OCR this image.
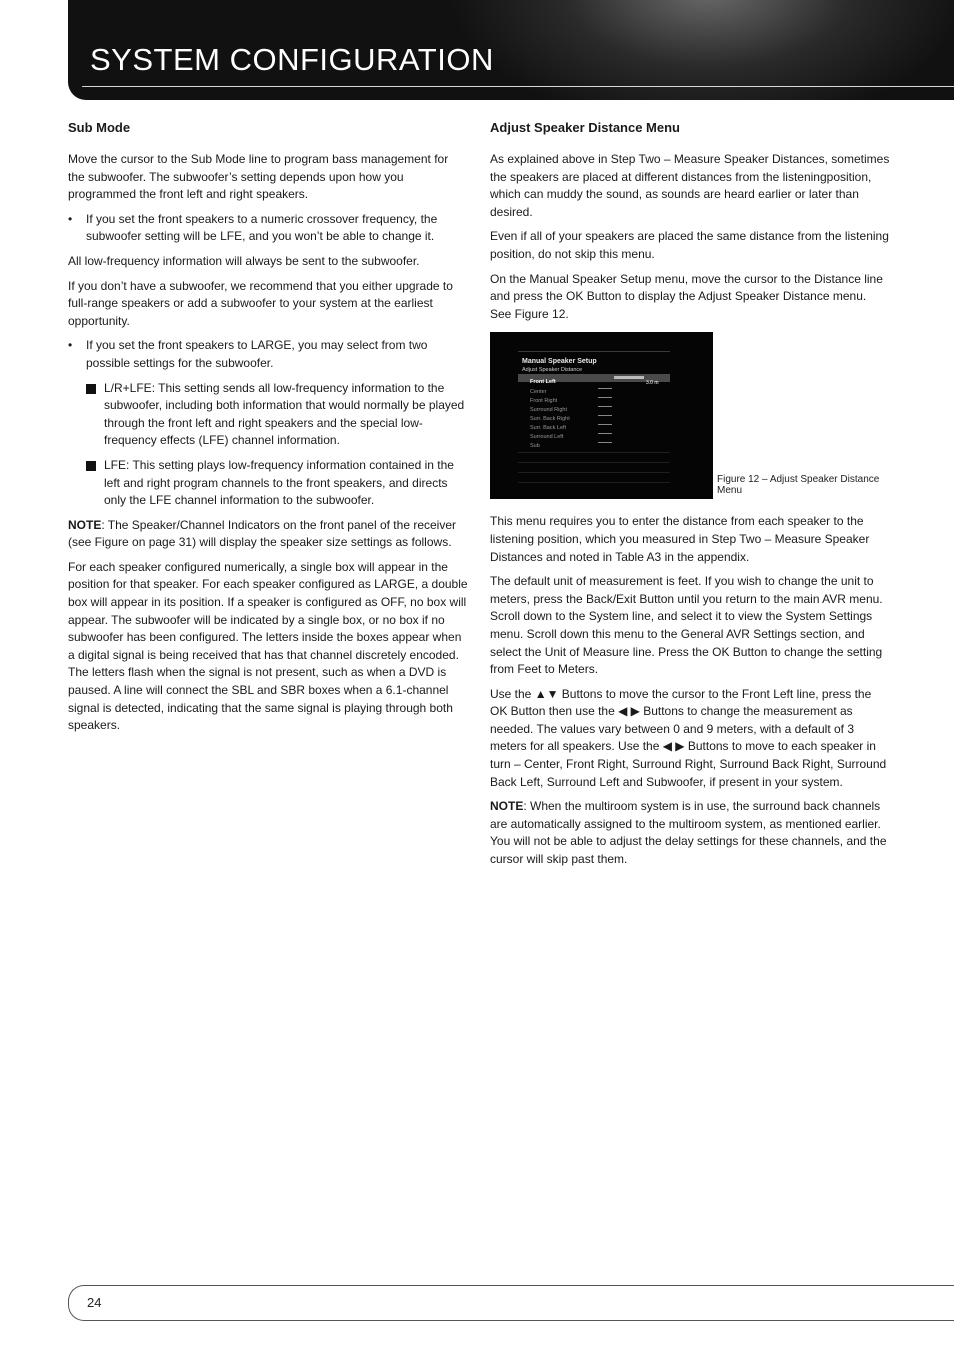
SYSTEM CONFIGURATION
Sub Mode

Move the cursor to the Sub Mode line to program bass management for the subwoofer. The subwoofer’s setting depends upon how you programmed the front left and right speakers.

• If you set the front speakers to a numeric crossover frequency, the subwoofer setting will be LFE, and you won’t be able to change it.

All low-frequency information will always be sent to the subwoofer.

If you don’t have a subwoofer, we recommend that you either upgrade to full-range speakers or add a subwoofer to your system at the earliest opportunity.

• If you set the front speakers to LARGE, you may select from two possible settings for the subwoofer.
L/R+LFE: This setting sends all low-frequency information to the subwoofer, including both information that would normally be played through the front left and right speakers and the special low-frequency effects (LFE) channel information.
LFE: This setting plays low-frequency information contained in the left and right program channels to the front speakers, and directs only the LFE channel information to the subwoofer.

NOTE: The Speaker/Channel Indicators on the front panel of the receiver (see Figure on page 31) will display the speaker size settings as follows.

For each speaker configured numerically, a single box will appear in the position for that speaker. For each speaker configured as LARGE, a double box will appear in its position. If a speaker is configured as OFF, no box will appear. The subwoofer will be indicated by a single box, or no box if no subwoofer has been configured. The letters inside the boxes appear when a digital signal is being received that has that channel discretely encoded. The letters flash when the signal is not present, such as when a DVD is paused. A line will connect the SBL and SBR boxes when a 6.1-channel signal is detected, indicating that the same signal is playing through both speakers.

Adjust Speaker Distance Menu

As explained above in Step Two – Measure Speaker Distances, sometimes the speakers are placed at different distances from the listeningposition, which can muddy the sound, as sounds are heard earlier or later than desired.

Even if all of your speakers are placed the same distance from the listening position, do not skip this menu.

On the Manual Speaker Setup menu, move the cursor to the Distance line and press the OK Button to display the Adjust Speaker Distance menu. See Figure 12.

Manual Speaker Setup
Adjust Speaker Distance
Front Left	3.0 m
Center
Front Right
Surround Right
Surr. Back Right
Surr. Back Left
Surround Left
Sub
Figure 12 – Adjust Speaker Distance Menu

This menu requires you to enter the distance from each speaker to the listening position, which you measured in Step Two – Measure Speaker Distances and noted in Table A3 in the appendix.

The default unit of measurement is feet. If you wish to change the unit to meters, press the Back/Exit Button until you return to the main AVR menu. Scroll down to the System line, and select it to view the System Settings menu. Scroll down this menu to the General AVR Settings section, and select the Unit of Measure line. Press the OK Button to change the setting from Feet to Meters.

Use the ▲▼ Buttons to move the cursor to the Front Left line, press the OK Button then use the ◀ ▶ Buttons to change the measurement as needed. The values vary between 0 and 9 meters, with a default of 3 meters for all speakers. Use the ◀ ▶ Buttons to move to each speaker in turn – Center, Front Right, Surround Right, Surround Back Right, Surround Back Left, Surround Left and Subwoofer, if present in your system.

NOTE: When the multiroom system is in use, the surround back channels are automatically assigned to the multiroom system, as mentioned earlier. You will not be able to adjust the delay settings for these channels, and the cursor will skip past them.

24
